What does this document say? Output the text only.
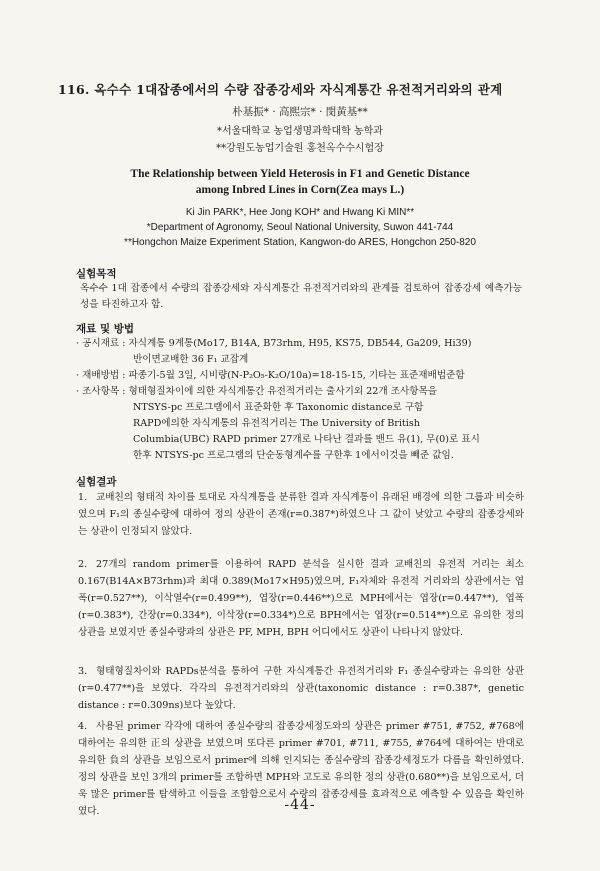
116. 옥수수 1대잡종에서의 수량 잡종강세와 자식계통간 유전적거리와의 관계
朴基振* · 高熙宗* · 閔黃基**
*서울대학교 농업생명과학대학 농학과
**강원도농업기술원 홍천옥수수시험장
The Relationship between Yield Heterosis in F1 and Genetic Distance
among Inbred Lines in Corn(Zea mays L.)
Ki Jin PARK*, Hee Jong KOH* and Hwang Ki MIN**
*Department of Agronomy, Seoul National University, Suwon 441-744
**Hongchon Maize Experiment Station, Kangwon-do ARES, Hongchon 250-820
실험목적
옥수수 1대 잡종에서 수량의 잡종강세와 자식계통간 유전적거리와의 관계를 검토하여 잡종강세 예측가능성을 타진하고자 함.
재료 및 방법
· 공시재료 : 자식계통 9계통(Mo17, B14A, B73rhm, H95, KS75, DB544, Ga209, Hi39)
반이면교배한 36 F₁ 교잡계
· 재배방법 : 파종기-5월 3일, 시비량(N-P₂O₅-K₂O/10a)=18-15-15, 기타는 표준재배법준함
· 조사항목 : 형태형질차이에 의한 자식계통간 유전적거리는 출사기외 22개 조사항목을
NTSYS-pc 프로그램에서 표준화한 후 Taxonomic distance로 구함
RAPD에의한 자식계통의 유전적거리는 The University of British
Columbia(UBC) RAPD primer 27개로 나타난 결과를 밴드 유(1), 무(0)로 표시
한후 NTSYS-pc 프로그램의 단순동형계수를 구한후 1에서이것을 빼준 값임.
실험결과
1. 교배친의 형태적 차이를 토대로 자식계통을 분류한 결과 자식계통이 유래된 배경에 의한 그룹과 비슷하였으며 F₁의 종실수량에 대하여 정의 상관이 존재(r=0.387*)하였으나 그 값이 낮았고 수량의 잡종강세와는 상관이 인정되지 않았다.
2. 27개의 random primer를 이용하여 RAPD 분석을 실시한 결과 교배친의 유전적 거리는 최소 0.167(B14A×B73rhm)과 최대 0.389(Mo17×H95)였으며, F₁자체와 유전적 거리와의 상관에서는 엽폭(r=0.527**), 이삭열수(r=0.499**), 엽장(r=0.446**)으로 MPH에서는 엽장(r=0.447**), 엽폭(r=0.383*), 간장(r=0.334*), 이삭장(r=0.334*)으로 BPH에서는 엽장(r=0.514**)으로 유의한 정의 상관을 보였지만 종실수량과의 상관은 PF, MPH, BPH 어디에서도 상관이 나타나지 않았다.
3. 형태형질차이와 RAPDs분석을 통하여 구한 자식계통간 유전적거리와 F₁ 종실수량과는 유의한 상관(r=0.477**)을 보였다. 각각의 유전적거리와의 상관(taxonomic distance : r=0.387*, genetic distance : r=0.309ns)보다 높았다.
4. 사용된 primer 각각에 대하여 종실수량의 잡종강세정도와의 상관은 primer #751, #752, #768에 대하여는 유의한 正의 상관을 보였으며 또다른 primer #701, #711, #755, #764에 대하여는 반대로 유의한 負의 상관을 보임으로서 primer에 의해 인지되는 종실수량의 잡종강세정도가 다름을 확인하였다. 정의 상관을 보인 3개의 primer를 조합하면 MPH와 고도로 유의한 정의 상관(0.680**)을 보임으로서, 더욱 많은 primer를 탐색하고 이들을 조합함으로서 수량의 잡종강세를 효과적으로 예측할 수 있음을 확인하였다.	-44-
